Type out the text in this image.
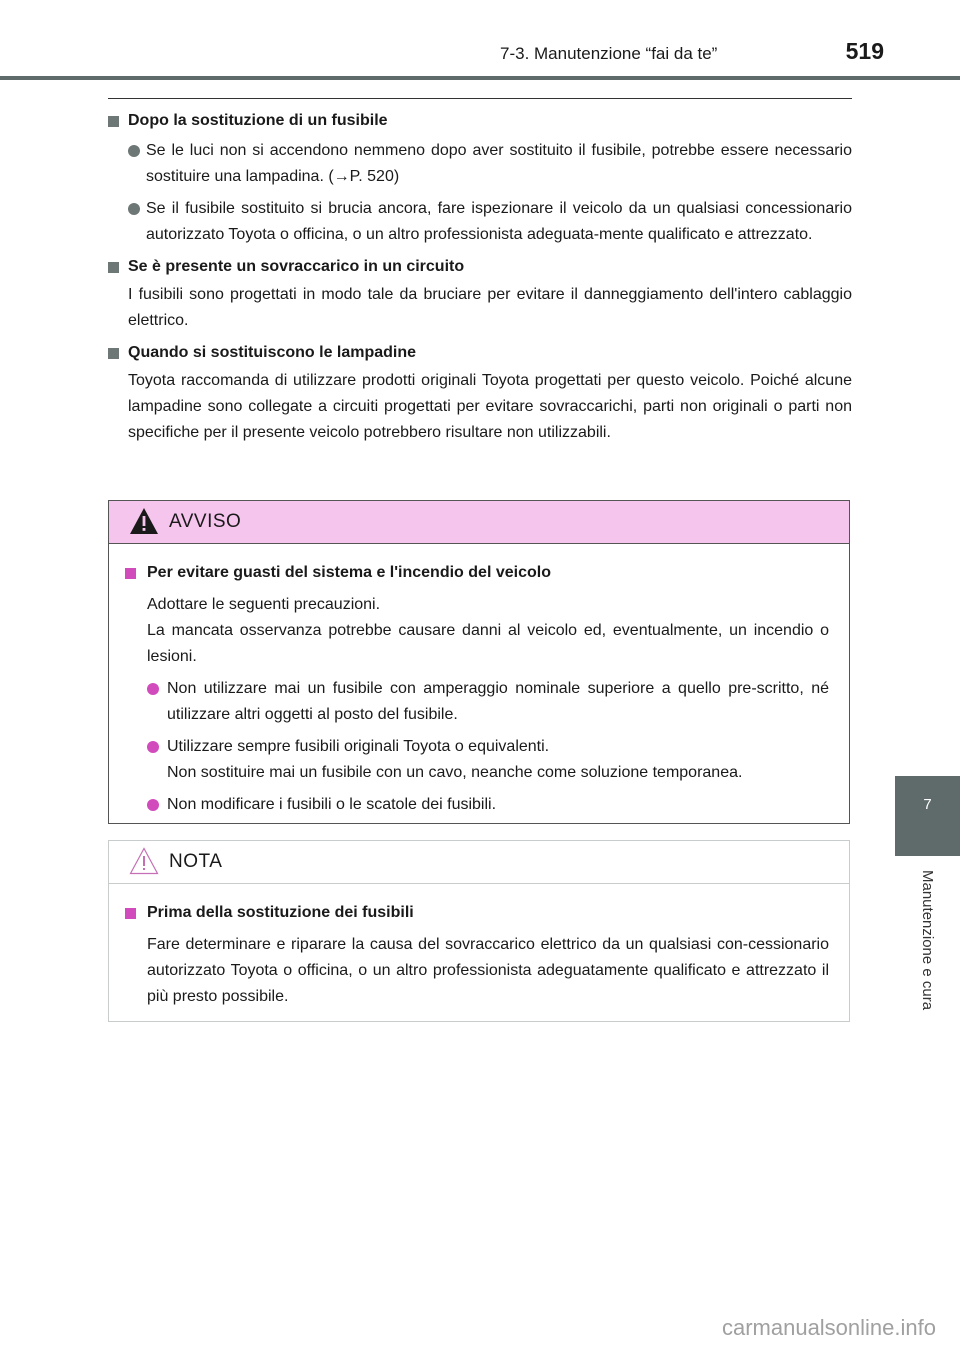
7-3. Manutenzione “fai da te”	519

Dopo la sostituzione di un fusibile

Se le luci non si accendono nemmeno dopo aver sostituito il fusibile, potrebbe essere necessario sostituire una lampadina. (→P. 520)
Se il fusibile sostituito si brucia ancora, fare ispezionare il veicolo da un qualsiasi concessionario autorizzato Toyota o officina, o un altro professionista adeguata-mente qualificato e attrezzato.

Se è presente un sovraccarico in un circuito

I fusibili sono progettati in modo tale da bruciare per evitare il danneggiamento dell'intero cablaggio elettrico.

Quando si sostituiscono le lampadine

Toyota raccomanda di utilizzare prodotti originali Toyota progettati per questo veicolo. Poiché alcune lampadine sono collegate a circuiti progettati per evitare sovraccarichi, parti non originali o parti non specifiche per il presente veicolo potrebbero risultare non utilizzabili.
AVVISO

Per evitare guasti del sistema e l'incendio del veicolo

Adottare le seguenti precauzioni.
La mancata osservanza potrebbe causare danni al veicolo ed, eventualmente, un incendio o lesioni.
Non utilizzare mai un fusibile con amperaggio nominale superiore a quello pre-scritto, né utilizzare altri oggetti al posto del fusibile.
Utilizzare sempre fusibili originali Toyota o equivalenti.
Non sostituire mai un fusibile con un cavo, neanche come soluzione temporanea.
Non modificare i fusibili o le scatole dei fusibili.
NOTA

Prima della sostituzione dei fusibili

Fare determinare e riparare la causa del sovraccarico elettrico da un qualsiasi con-cessionario autorizzato Toyota o officina, o un altro professionista adeguatamente qualificato e attrezzato il più presto possibile.
7
Manutenzione e cura
carmanualsonline.info
